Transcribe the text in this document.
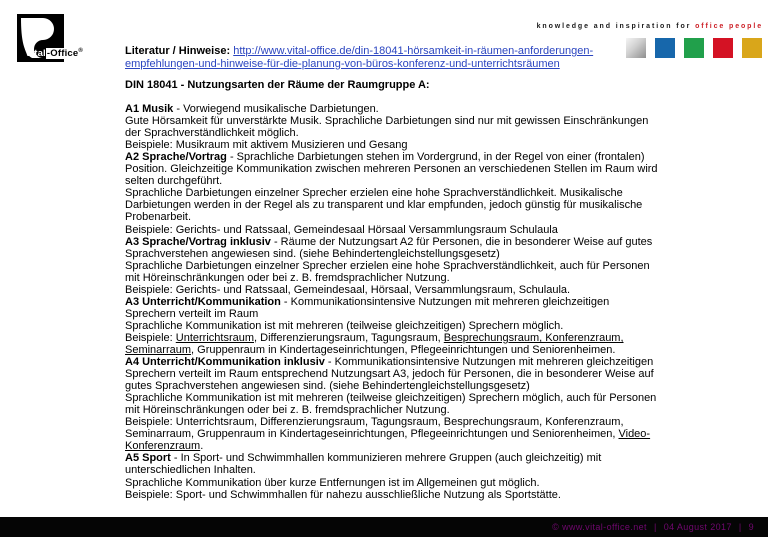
Vital-Office®
knowledge and inspiration for office people
Literatur / Hinweise: http://www.vital-office.de/din-18041-hörsamkeit-in-räumen-anforderungen-empfehlungen-und-hinweise-für-die-planung-von-büros-konferenz-und-unterrichtsräumen
DIN 18041 - Nutzungsarten der Räume der Raumgruppe A:
A1 Musik - Vorwiegend musikalische Darbietungen.
Gute Hörsamkeit für unverstärkte Musik. Sprachliche Darbietungen sind nur mit gewissen Einschränkungen der Sprachverständlichkeit möglich.
Beispiele: Musikraum mit aktivem Musizieren und Gesang
A2 Sprache/Vortrag - Sprachliche Darbietungen stehen im Vordergrund, in der Regel von einer (frontalen) Position. Gleichzeitige Kommunikation zwischen mehreren Personen an verschiedenen Stellen im Raum wird selten durchgeführt.
Sprachliche Darbietungen einzelner Sprecher erzielen eine hohe Sprachverständlichkeit. Musikalische Darbietungen werden in der Regel als zu transparent und klar empfunden, jedoch günstig für musikalische Probenarbeit.
Beispiele: Gerichts- und Ratssaal, Gemeindesaal Hörsaal Versammlungsraum Schulaula
A3 Sprache/Vortrag inklusiv - Räume der Nutzungsart A2 für Personen, die in besonderer Weise auf gutes Sprachverstehen angewiesen sind. (siehe Behindertengleichstellungsgesetz)
Sprachliche Darbietungen einzelner Sprecher erzielen eine hohe Sprachverständlichkeit, auch für Personen mit Höreinschränkungen oder bei z. B. fremdsprachlicher Nutzung.
Beispiele: Gerichts- und Ratssaal, Gemeindesaal, Hörsaal, Versammlungsraum, Schulaula.
A3 Unterricht/Kommunikation - Kommunikationsintensive Nutzungen mit mehreren gleichzeitigen Sprechern verteilt im Raum
Sprachliche Kommunikation ist mit mehreren (teilweise gleichzeitigen) Sprechern möglich.
Beispiele: Unterrichtsraum, Differenzierungsraum, Tagungsraum, Besprechungsraum, Konferenzraum, Seminarraum, Gruppenraum in Kindertageseinrichtungen, Pflegeeinrichtungen und Seniorenheimen.
A4 Unterricht/Kommunikation inklusiv - Kommunikationsintensive Nutzungen mit mehreren gleichzeitigen Sprechern verteilt im Raum entsprechend Nutzungsart A3, jedoch für Personen, die in besonderer Weise auf gutes Sprachverstehen angewiesen sind. (siehe Behindertengleichstellungsgesetz)
Sprachliche Kommunikation ist mit mehreren (teilweise gleichzeitigen) Sprechern möglich, auch für Personen mit Höreinschränkungen oder bei z. B. fremdsprachlicher Nutzung.
Beispiele: Unterrichtsraum, Differenzierungsraum, Tagungsraum, Besprechungsraum, Konferenzraum, Seminarraum, Gruppenraum in Kindertageseinrichtungen, Pflegeeinrichtungen und Seniorenheimen, Video-Konferenzraum.
A5 Sport - In Sport- und Schwimmhallen kommunizieren mehrere Gruppen (auch gleichzeitig) mit unterschiedlichen Inhalten.
Sprachliche Kommunikation über kurze Entfernungen ist im Allgemeinen gut möglich.
Beispiele: Sport- und Schwimmhallen für nahezu ausschließliche Nutzung als Sportstätte.
© www.vital-office.net | 04 August 2017 | 9
